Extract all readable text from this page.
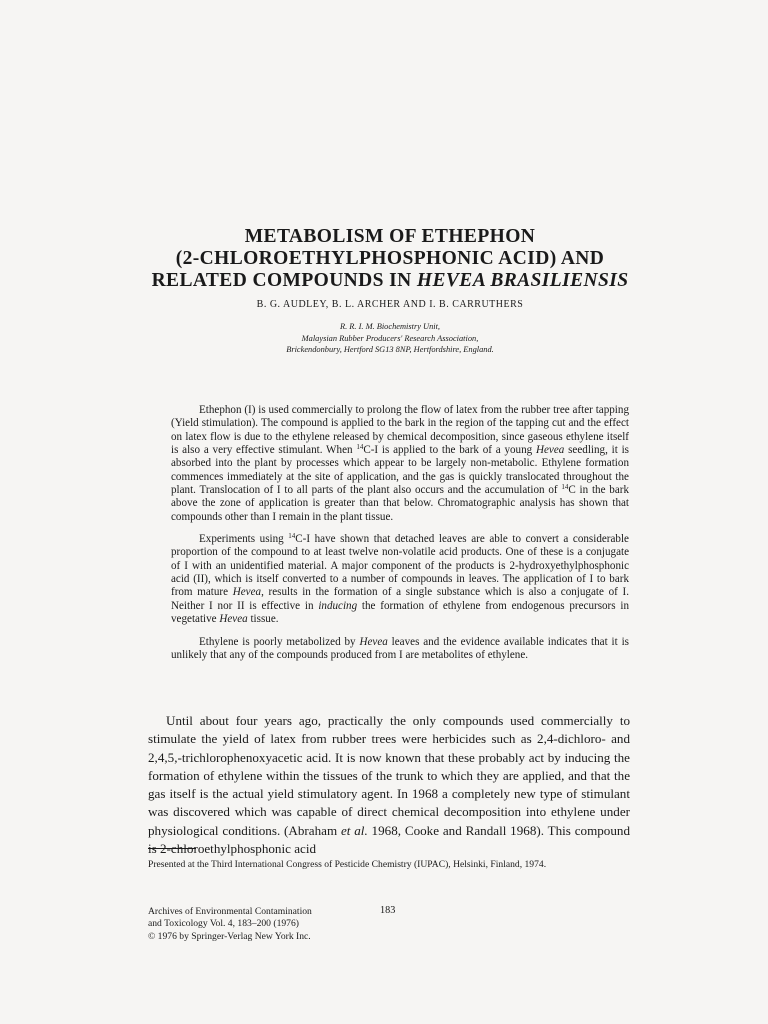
METABOLISM OF ETHEPHON
(2-CHLOROETHYLPHOSPHONIC ACID) AND
RELATED COMPOUNDS IN HEVEA BRASILIENSIS
B. G. AUDLEY, B. L. ARCHER AND I. B. CARRUTHERS
R. R. I. M. Biochemistry Unit,
Malaysian Rubber Producers' Research Association,
Brickendonbury, Hertford SG13 8NP, Hertfordshire, England.

Ethephon (I) is used commercially to prolong the flow of latex from the rubber tree after tapping (Yield stimulation). The compound is applied to the bark in the region of the tapping cut and the effect on latex flow is due to the ethylene released by chemical decomposition, since gaseous ethylene itself is also a very effective stimulant. When $^{14}$C-I is applied to the bark of a young Hevea seedling, it is absorbed into the plant by processes which appear to be largely non-metabolic. Ethylene formation commences immediately at the site of application, and the gas is quickly translocated throughout the plant. Translocation of I to all parts of the plant also occurs and the accumulation of $^{14}$C in the bark above the zone of application is greater than that below. Chromatographic analysis has shown that compounds other than I remain in the plant tissue.

Experiments using $^{14}$C-I have shown that detached leaves are able to convert a considerable proportion of the compound to at least twelve non-volatile acid products. One of these is a conjugate of I with an unidentified material. A major component of the products is 2-hydroxyethylphosphonic acid (II), which is itself converted to a number of compounds in leaves. The application of I to bark from mature Hevea, results in the formation of a single substance which is also a conjugate of I. Neither I nor II is effective in inducing the formation of ethylene from endogenous precursors in vegetative Hevea tissue.

Ethylene is poorly metabolized by Hevea leaves and the evidence available indicates that it is unlikely that any of the compounds produced from I are metabolites of ethylene.

Until about four years ago, practically the only compounds used commercially to stimulate the yield of latex from rubber trees were herbicides such as 2,4-dichloro- and 2,4,5,-trichlorophenoxyacetic acid. It is now known that these probably act by inducing the formation of ethylene within the tissues of the trunk to which they are applied, and that the gas itself is the actual yield stimulatory agent. In 1968 a completely new type of stimulant was discovered which was capable of direct chemical decomposition into ethylene under physiological conditions. (Abraham et al. 1968, Cooke and Randall 1968). This compound is 2-chloroethylphosphonic acid

Presented at the Third International Congress of Pesticide Chemistry (IUPAC), Helsinki, Finland, 1974.
Archives of Environmental Contamination
and Toxicology Vol. 4, 183–200 (1976)
© 1976 by Springer-Verlag New York Inc.
183
